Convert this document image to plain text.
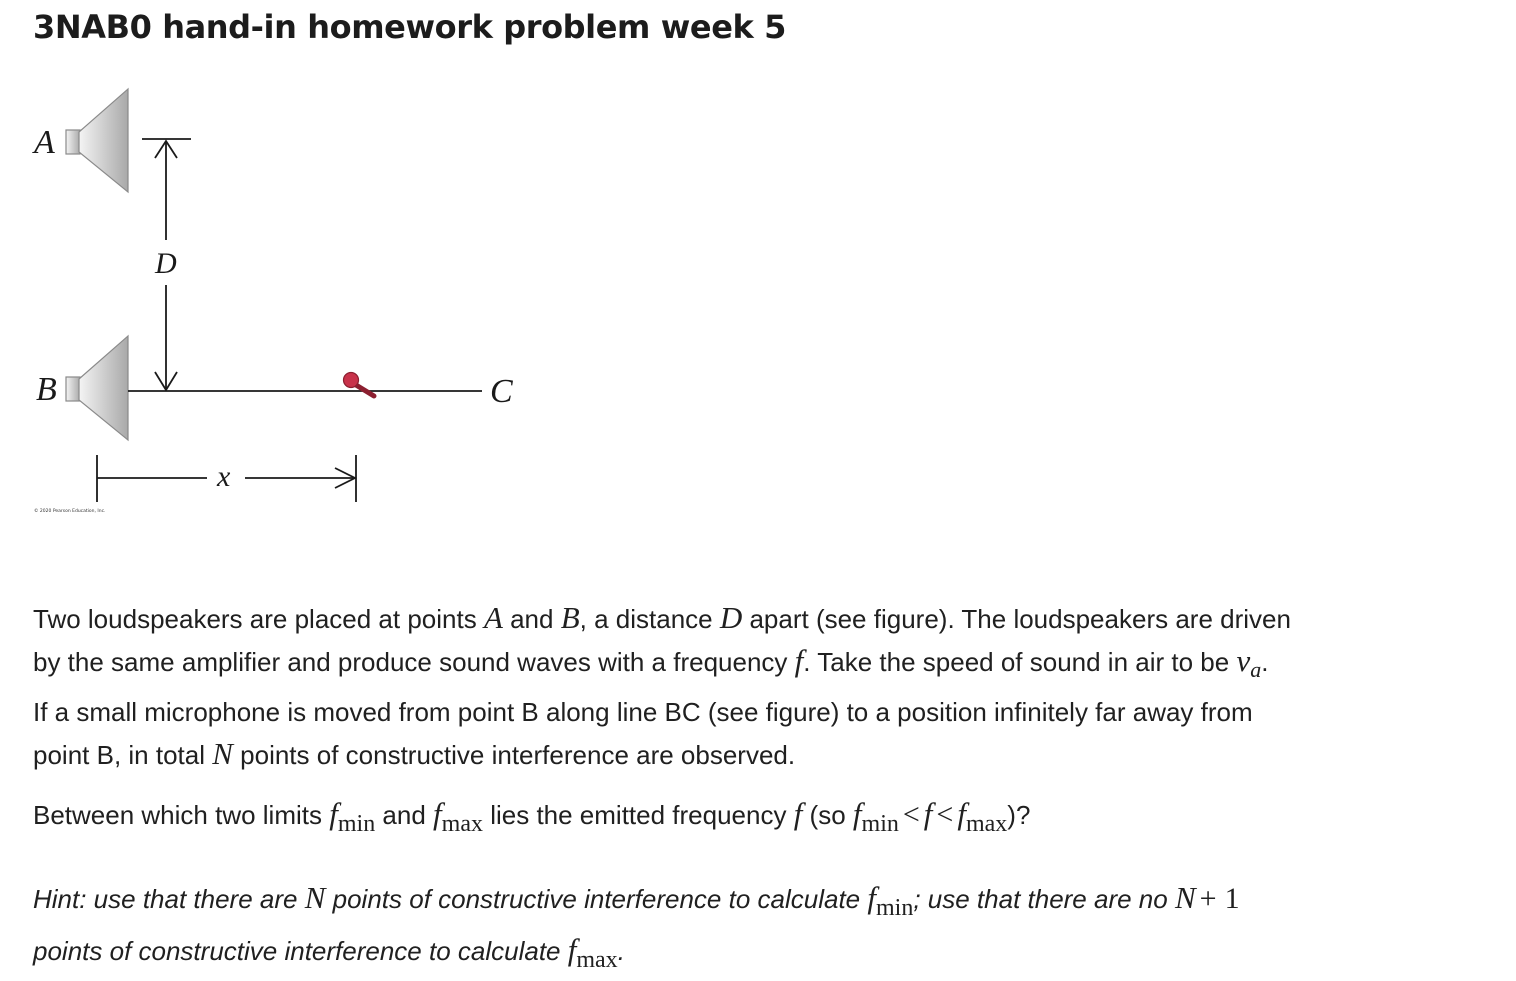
3NAB0 hand-in homework problem week 5
A
B
D
C
x
© 2020 Pearson Education, Inc.

Two loudspeakers are placed at points A and B, a distance D apart (see figure). The loudspeakers are driven
by the same amplifier and produce sound waves with a frequency f. Take the speed of sound in air to be $v_a$.
If a small microphone is moved from point B along line BC (see figure) to a position infinitely far away from
point B, in total N points of constructive interference are observed.

Between which two limits fmin and fmax lies the emitted frequency f (so fmin < f < fmax)?

Hint: use that there are N points of constructive interference to calculate fmin; use that there are no N + 1
points of constructive interference to calculate fmax.
